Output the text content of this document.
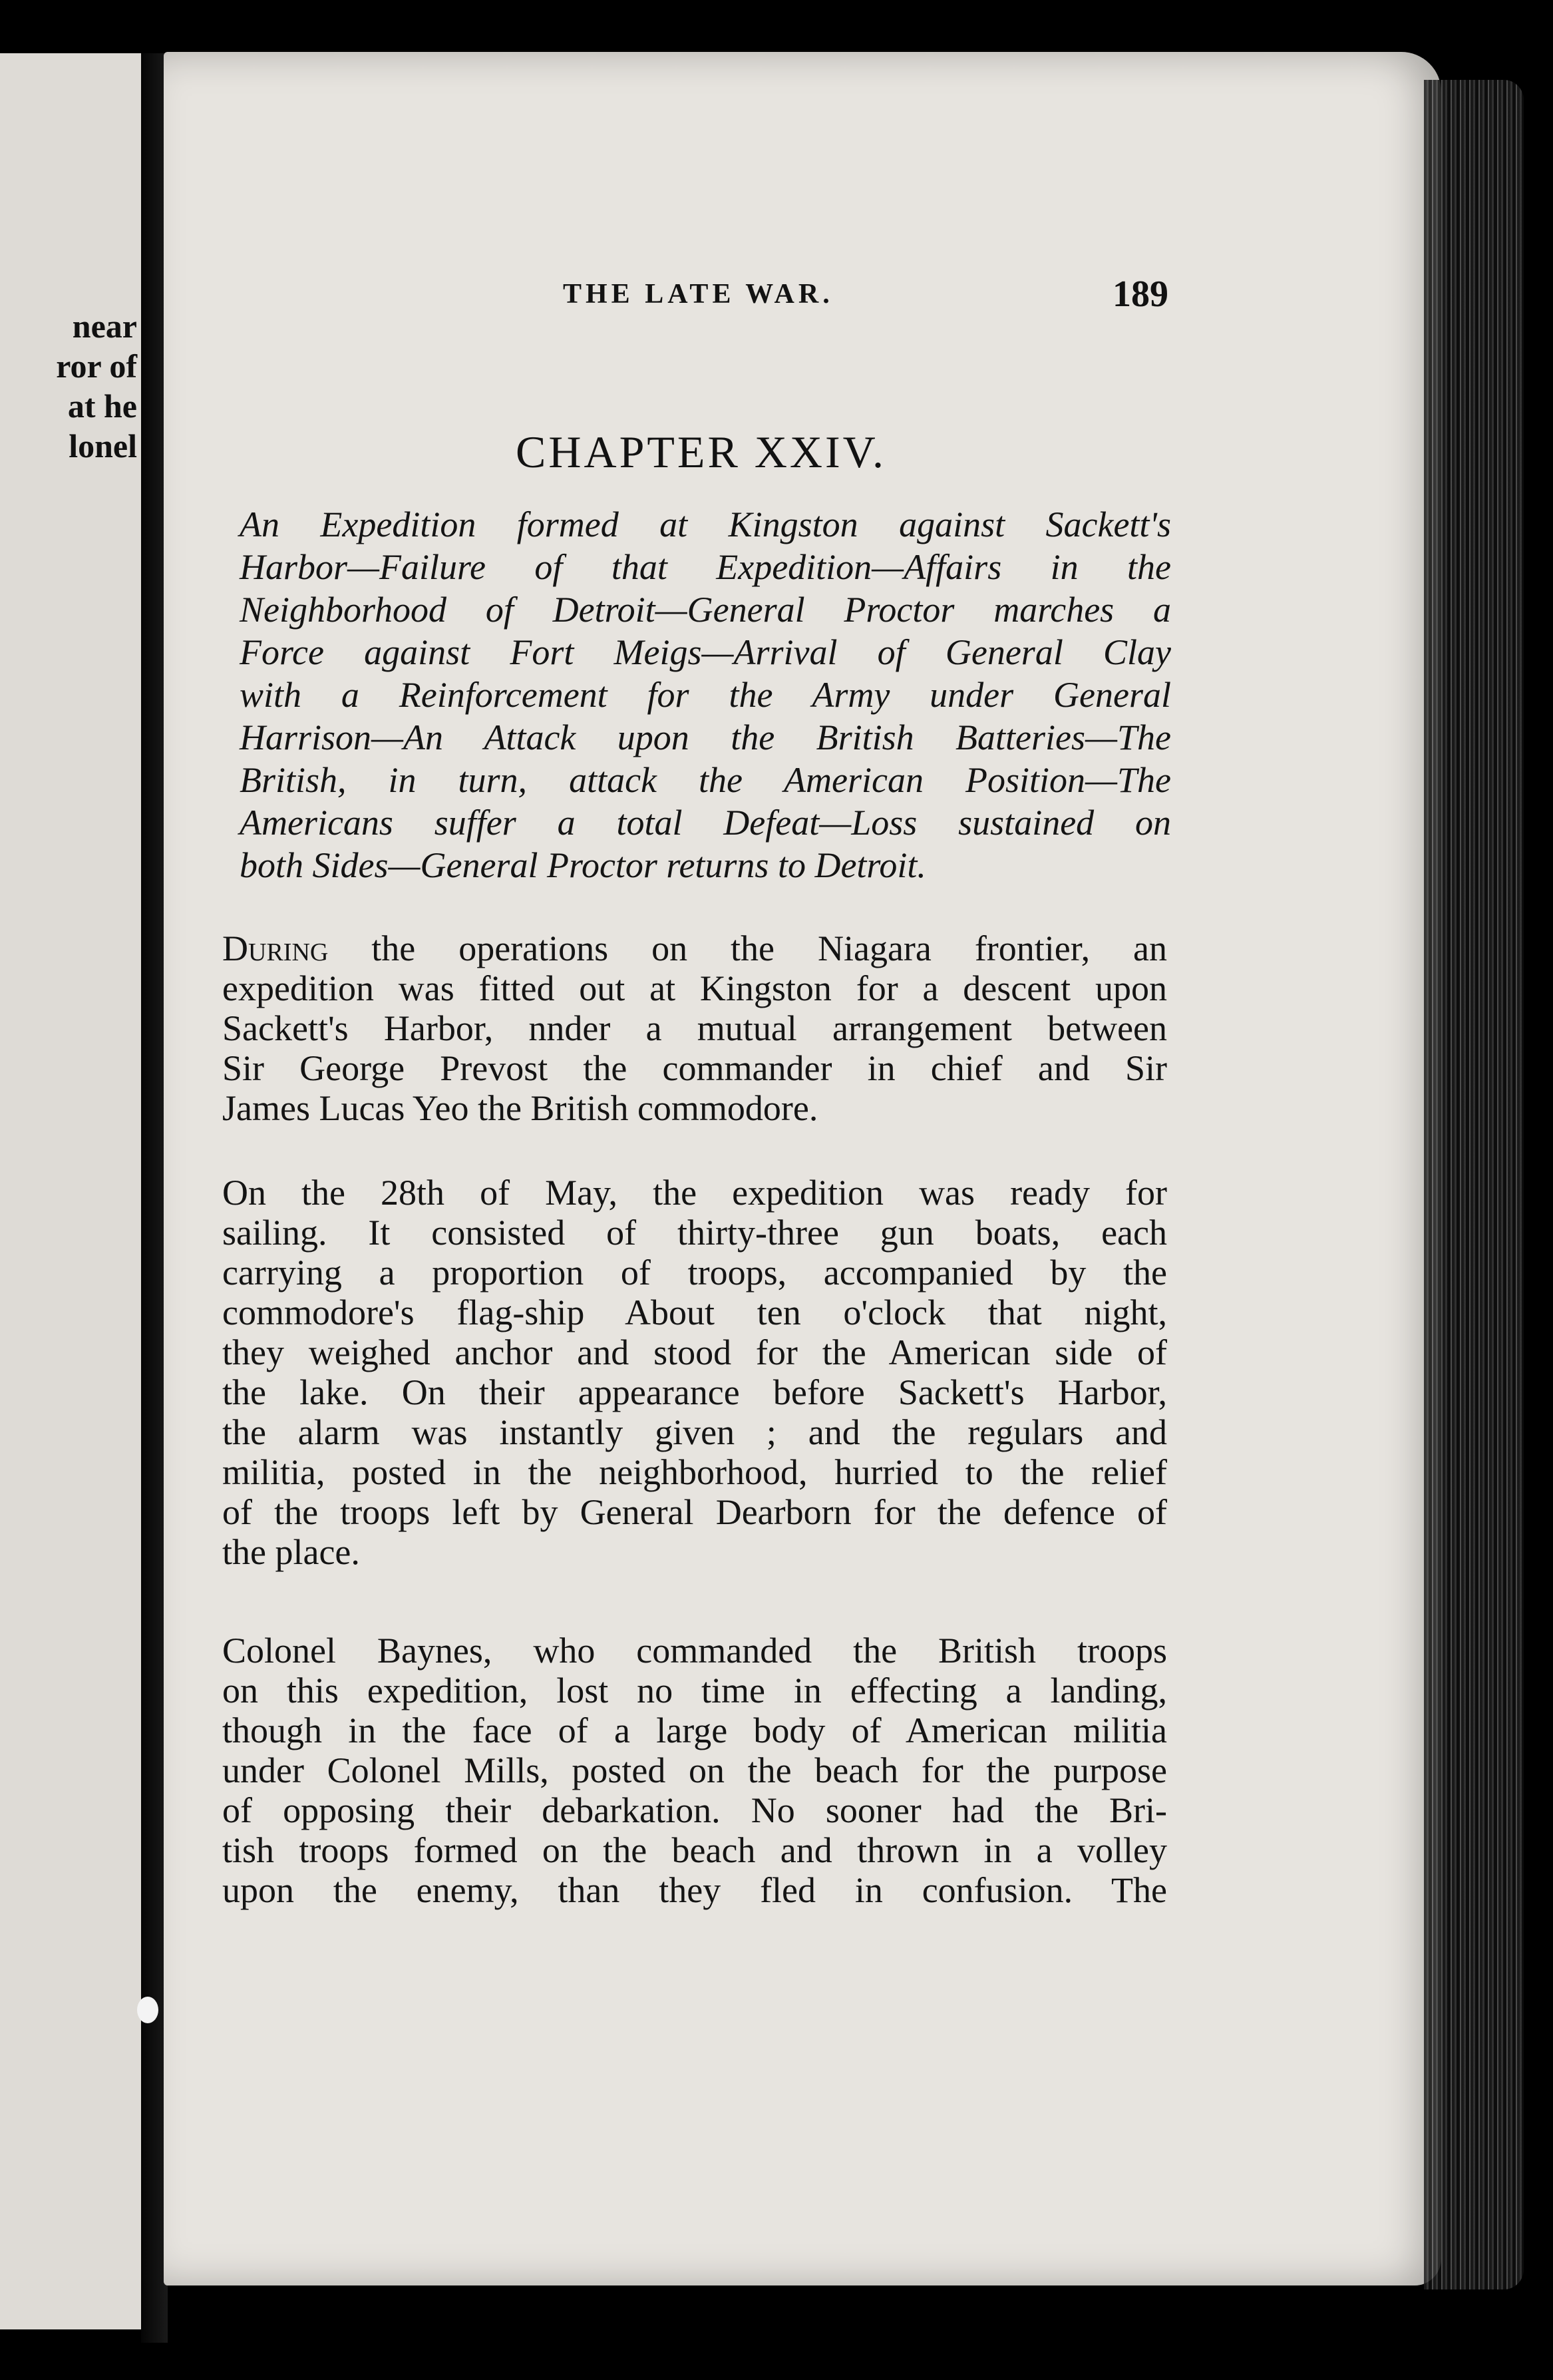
near
ror of
at he
lonel
THE LATE WAR.	189
CHAPTER XXIV.
An Expedition formed at Kingston against Sackett's
Harbor—Failure of that Expedition—Affairs in the
Neighborhood of Detroit—General Proctor marches a
Force against Fort Meigs—Arrival of General Clay
with a Reinforcement for the Army under General
Harrison—An Attack upon the British Batteries—The
British, in turn, attack the American Position—The
Americans suffer a total Defeat—Loss sustained on
both Sides—General Proctor returns to Detroit.
During the operations on the Niagara frontier, an
expedition was fitted out at Kingston for a descent upon
Sackett's Harbor, nnder a mutual arrangement between
Sir George Prevost the commander in chief and Sir
James Lucas Yeo the British commodore.
On the 28th of May, the expedition was ready for
sailing. It consisted of thirty-three gun boats, each
carrying a proportion of troops, accompanied by the
commodore's flag-ship About ten o'clock that night,
they weighed anchor and stood for the American side of
the lake. On their appearance before Sackett's Harbor,
the alarm was instantly given ; and the regulars and
militia, posted in the neighborhood, hurried to the relief
of the troops left by General Dearborn for the defence of
the place.
Colonel Baynes, who commanded the British troops
on this expedition, lost no time in effecting a landing,
though in the face of a large body of American militia
under Colonel Mills, posted on the beach for the purpose
of opposing their debarkation. No sooner had the Bri-
tish troops formed on the beach and thrown in a volley
upon the enemy, than they fled in confusion. The
